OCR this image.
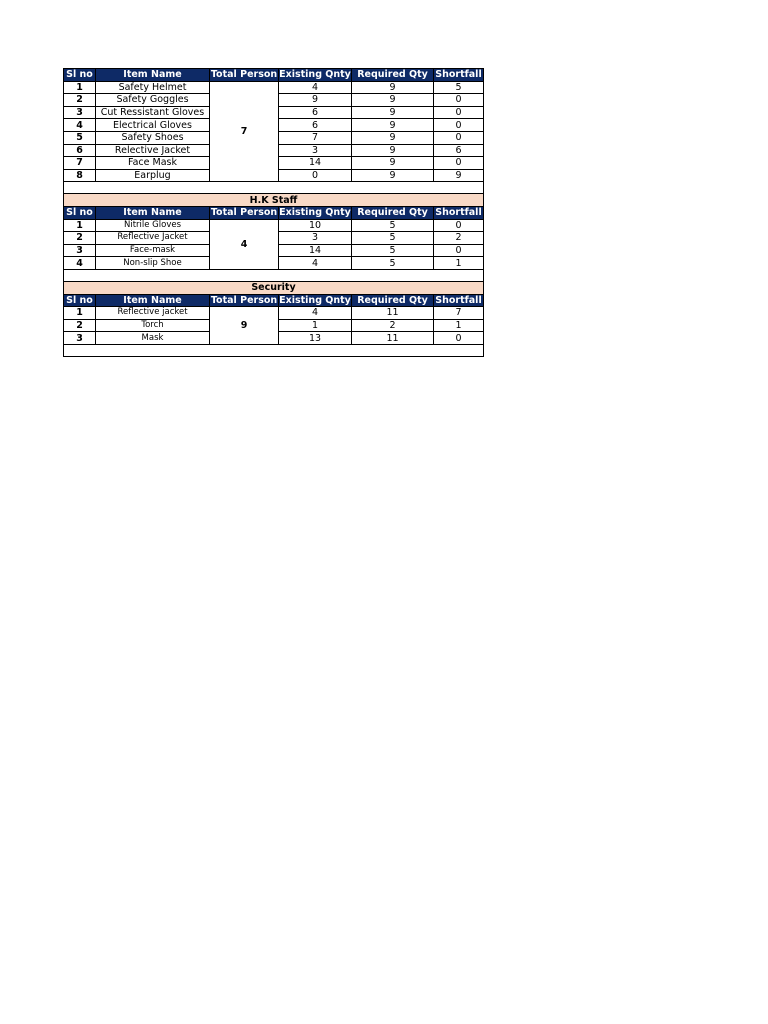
Sl no	Item Name	Total Person	Existing Qnty	Required Qty	Shortfall
1	Safety Helmet	7	4	9	5
2	Safety Goggles		9	9	0
3	Cut Ressistant Gloves		6	9	0
4	Electrical Gloves		6	9	0
5	Safety Shoes		7	9	0
6	Relective Jacket		3	9	6
7	Face Mask		14	9	0
8	Earplug		0	9	9

H.K Staff					
Sl no	Item Name	Total Person	Existing Qnty	Required Qty	Shortfall
1	Nitrile Gloves	4	10	5	0
2	Reflective Jacket		3	5	2
3	Face-mask		14	5	0
4	Non-slip Shoe		4	5	1

Security					
Sl no	Item Name	Total Person	Existing Qnty	Required Qty	Shortfall
1	Reflective jacket	9	4	11	7
2	Torch		1	2	1
3	Mask		13	11	0
